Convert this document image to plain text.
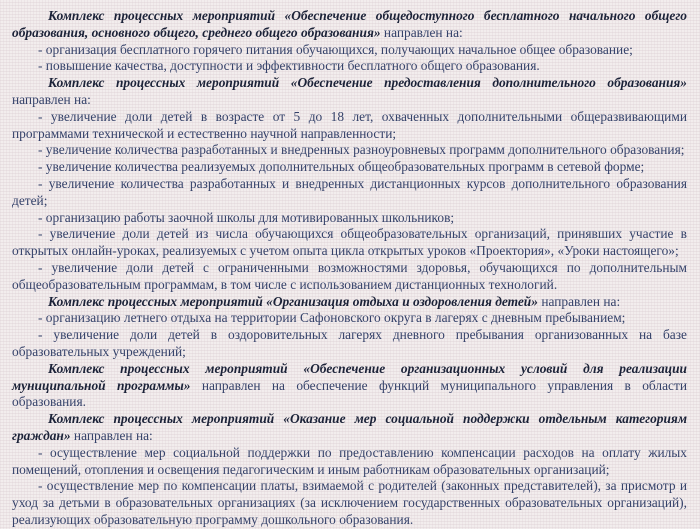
Комплекс процессных мероприятий «Обеспечение общедоступного бесплатного начального общего образования, основного общего, среднего общего образования» направлен на:

- организация бесплатного горячего питания обучающихся, получающих начальное общее образование;

- повышение качества, доступности и эффективности бесплатного общего образования.

Комплекс процессных мероприятий «Обеспечение предоставления дополнительного образования» направлен на:

- увеличение доли детей в возрасте от 5 до 18 лет, охваченных дополнительными общеразвивающими программами технической и естественно научной направленности;

- увеличение количества разработанных и внедренных разноуровневых программ дополнительного образования;

- увеличение количества реализуемых дополнительных общеобразовательных программ в сетевой форме;

- увеличение количества разработанных и внедренных дистанционных курсов дополнительного образования детей;

- организацию работы заочной школы для мотивированных школьников;

- увеличение доли детей из числа обучающихся общеобразовательных организаций, принявших участие в открытых онлайн-уроках, реализуемых с учетом опыта цикла открытых уроков «Проектория», «Уроки настоящего»;

- увеличение доли детей с ограниченными возможностями здоровья, обучающихся по дополнительным общеобразовательным программам, в том числе с использованием дистанционных технологий.

Комплекс процессных мероприятий «Организация отдыха и оздоровления детей» направлен на:

- организацию летнего отдыха на территории Сафоновского округа в лагерях с дневным пребыванием;

- увеличение доли детей в оздоровительных лагерях дневного пребывания организованных на базе образовательных учреждений;

Комплекс процессных мероприятий «Обеспечение организационных условий для реализации муниципальной программы» направлен на обеспечение функций муниципального управления в области образования.

Комплекс процессных мероприятий «Оказание мер социальной поддержки отдельным категориям граждан» направлен на:

- осуществление мер социальной поддержки по предоставлению компенсации расходов на оплату жилых помещений, отопления и освещения педагогическим и иным работникам образовательных организаций;

- осуществление мер по компенсации платы, взимаемой с родителей (законных представителей), за присмотр и уход за детьми в образовательных организациях (за исключением государственных образовательных организаций), реализующих образовательную программу дошкольного образования.
